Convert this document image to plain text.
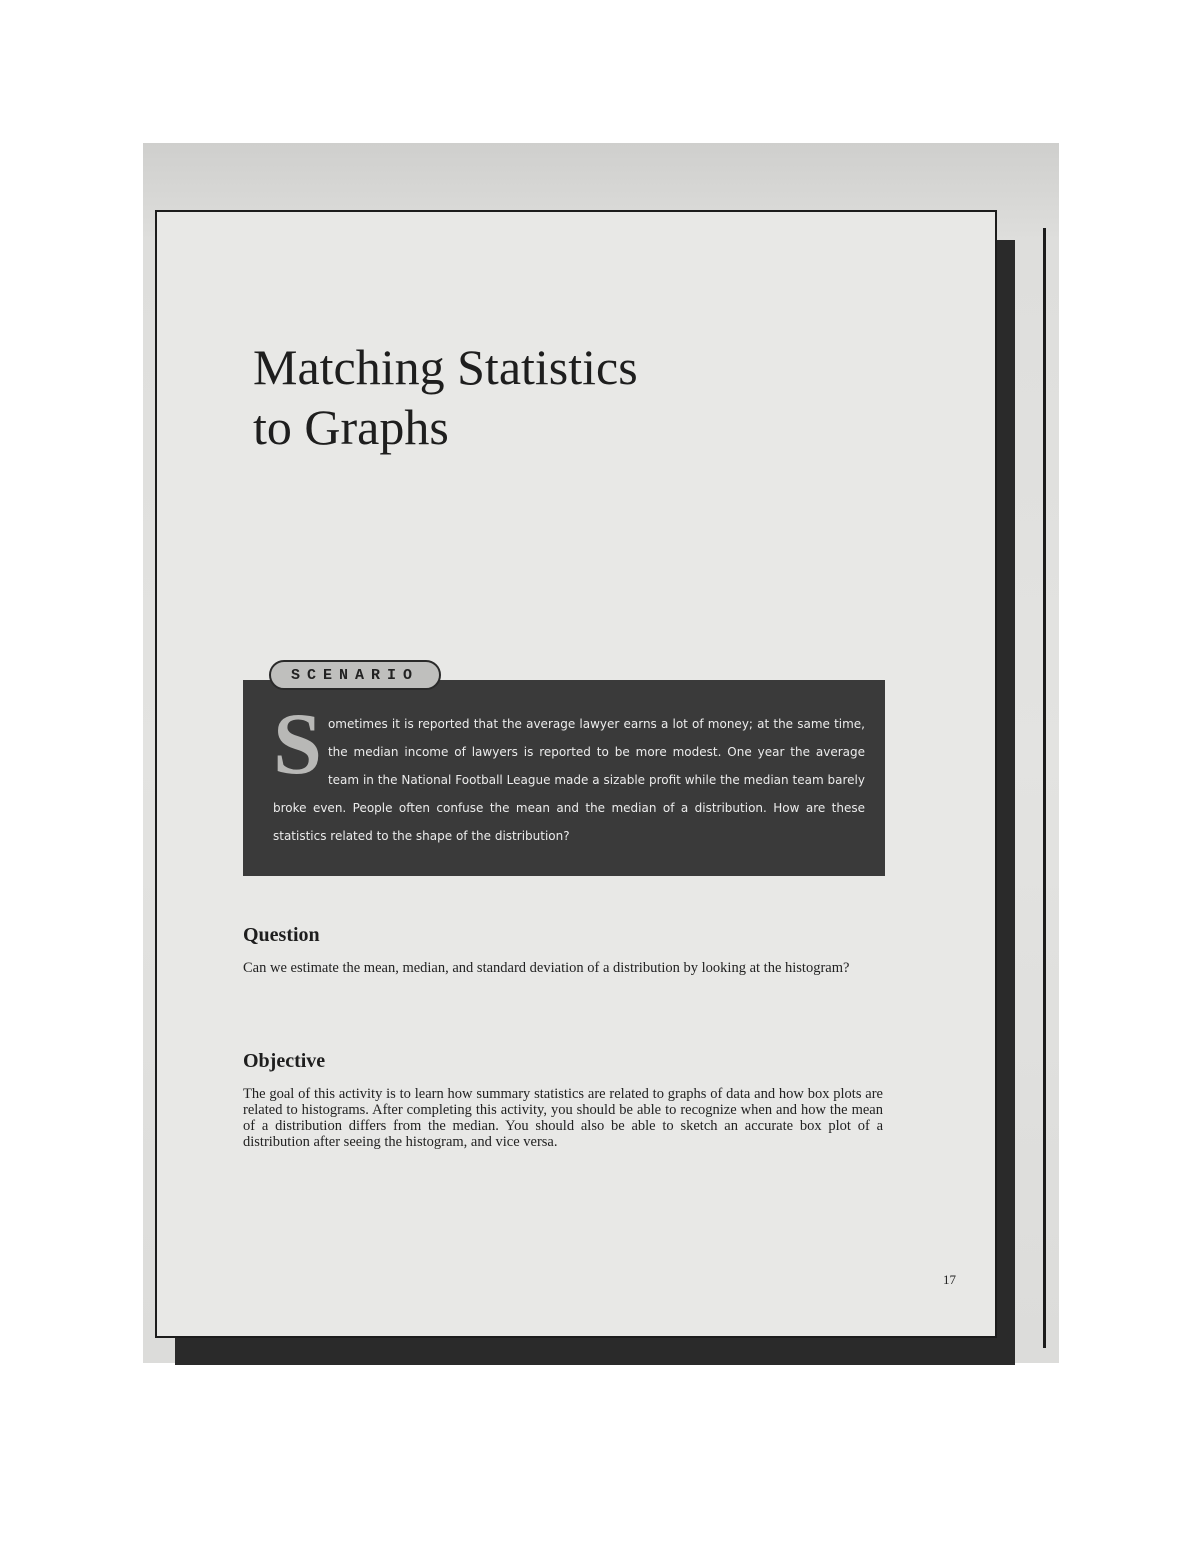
Matching Statistics
to Graphs
SCENARIO
Sometimes it is reported that the average lawyer earns a lot of money; at the same time, the median income of lawyers is reported to be more modest. One year the average team in the National Football League made a sizable profit while the median team barely broke even. People often confuse the mean and the median of a distribution. How are these statistics related to the shape of the distribution?
Question

Can we estimate the mean, median, and standard deviation of a distribution by looking at the histogram?

Objective

The goal of this activity is to learn how summary statistics are related to graphs of data and how box plots are related to histograms. After completing this activity, you should be able to recognize when and how the mean of a distribution differs from the median. You should also be able to sketch an accurate box plot of a distribution after seeing the histogram, and vice versa.

17
